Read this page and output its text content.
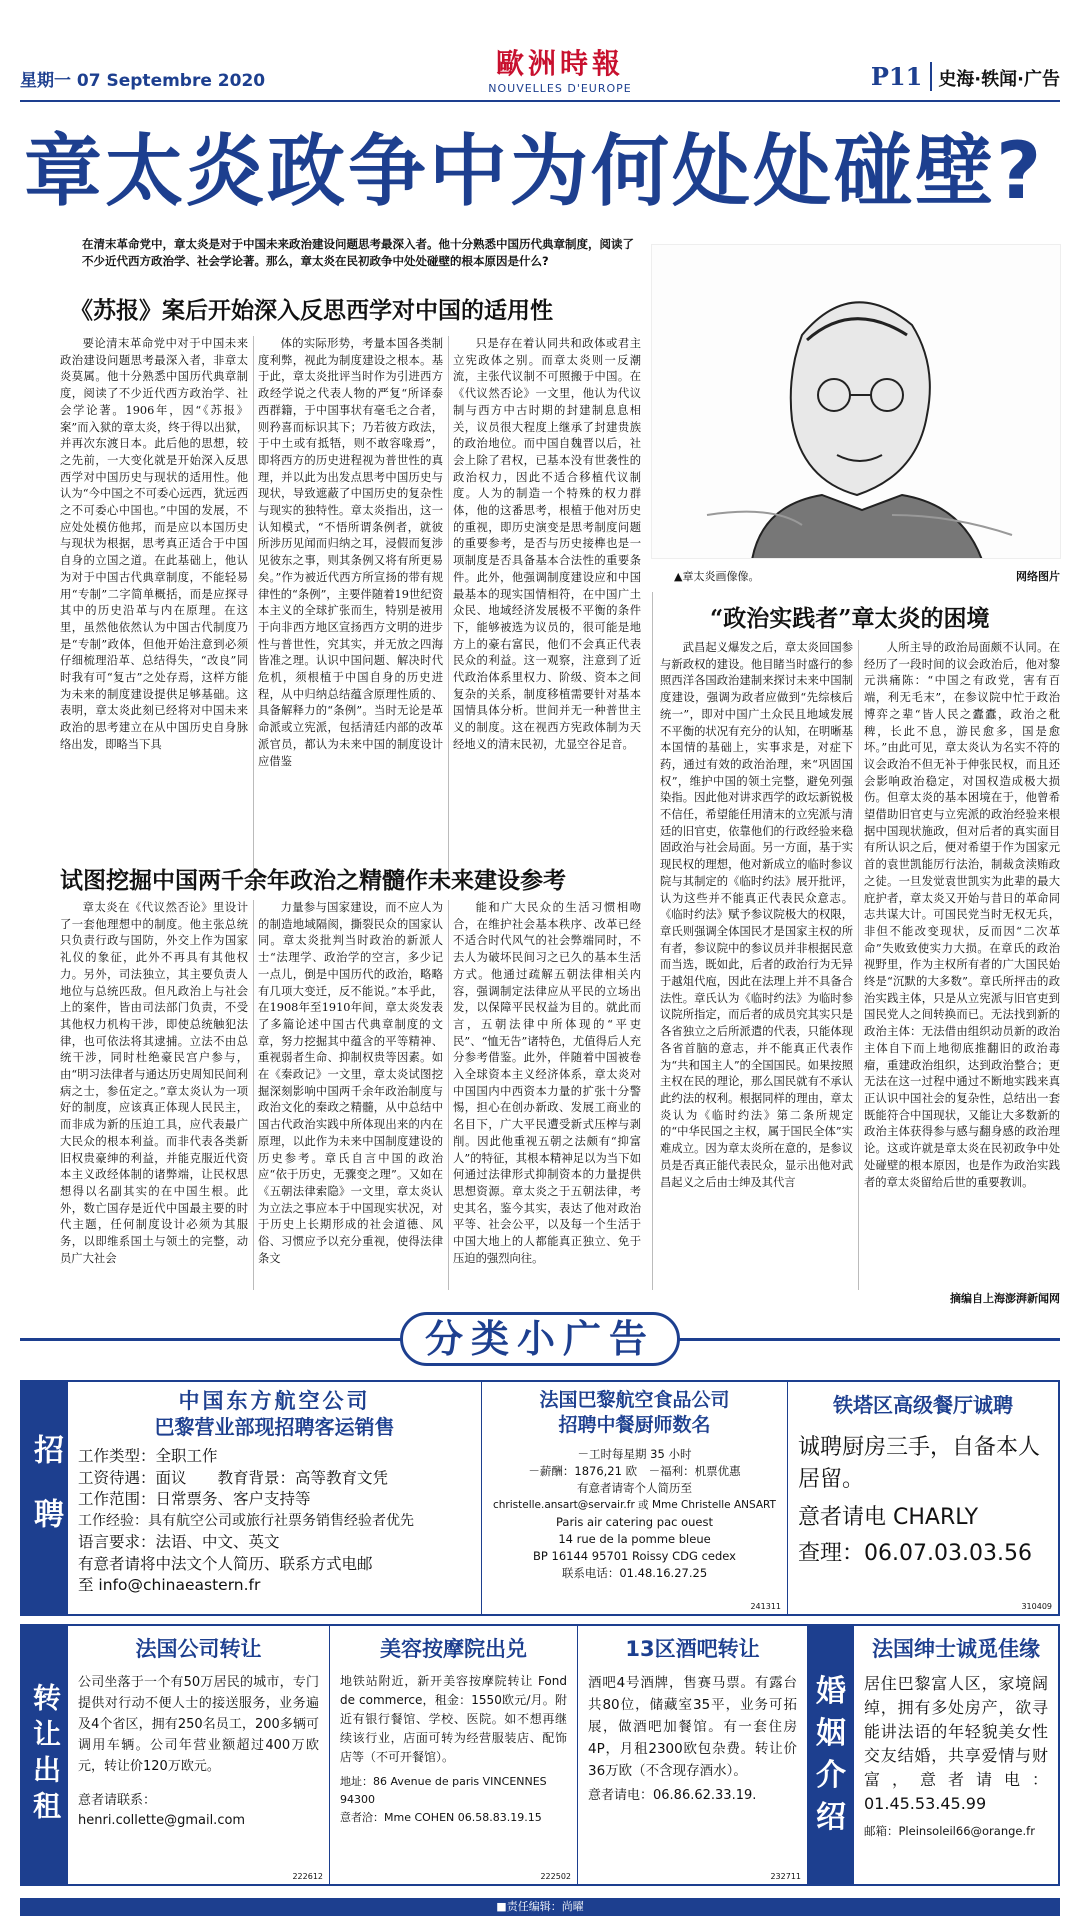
星期一 07 Septembre 2020
歐洲時報
NOUVELLES D'EUROPE	P11 史海·轶闻·广告
章太炎政争中为何处处碰壁?
在清末革命党中，章太炎是对于中国未来政治建设问题思考最深入者。他十分熟悉中国历代典章制度，阅读了不少近代西方政治学、社会学论著。那么，章太炎在民初政争中处处碰壁的根本原因是什么?
▲章太炎画像像。	网络图片
《苏报》案后开始深入反思西学对中国的适用性

要论清末革命党中对于中国未来政治建设问题思考最深入者，非章太炎莫属。他十分熟悉中国历代典章制度，阅读了不少近代西方政治学、社会学论著。1906年，因“《苏报》案”而入狱的章太炎，终于得以出狱，并再次东渡日本。此后他的思想，较之先前，一大变化就是开始深入反思西学对中国历史与现状的适用性。他认为“今中国之不可委心远西，犹远西之不可委心中国也。”中国的发展，不应处处模仿他邦，而是应以本国历史与现状为根据，思考真正适合于中国自身的立国之道。在此基础上，他认为对于中国古代典章制度，不能轻易用“专制”二字简单概括，而是应探寻其中的历史沿革与内在原理。在这里，虽然他依然认为中国古代制度乃是“专制”政体，但他开始注意到必须仔细梳理沿革、总结得失，“改良”同时我有可“复古”之处存焉，这样方能为未来的制度建设提供足够基础。这表明，章太炎此刻已经将对中国未来政治的思考建立在从中国历史自身脉络出发，即略当下具

体的实际形势，考量本国各类制度利弊，视此为制度建设之根本。基于此，章太炎批评当时作为引进西方政经学说之代表人物的严复“所译泰西群籍，于中国事状有毫毛之合者，则矜喜而标识其下；乃若彼方政法，于中土或有抵牾，则不敢容喙焉”，即将西方的历史进程视为普世性的真理，并以此为出发点思考中国历史与现状，导致遮蔽了中国历史的复杂性与现实的独特性。章太炎指出，这一认知模式，“不悟所谓条例者，就彼所涉历见闻而归纳之耳，浸假而复涉见彼东之事，则其条例又将有所更易矣。”作为被近代西方所宣扬的带有规律性的“条例”，主要伴随着19世纪资本主义的全球扩张而生，特别是被用于向非西方地区宣扬西方文明的进步性与普世性，究其实，并无放之四海皆准之理。认识中国问题、解决时代危机，须根植于中国自身的历史进程，从中归纳总结蕴含原理性质的、具备解释力的“条例”。当时无论是革命派或立宪派，包括清廷内部的改革派官员，都认为未来中国的制度设计应借鉴

只是存在着认同共和政体或君主立宪政体之别。而章太炎则一反潮流，主张代议制不可照搬于中国。在《代议然否论》一文里，他认为代议制与西方中古时期的封建制息息相关，议员很大程度上继承了封建贵族的政治地位。而中国自魏晋以后，社会上除了君权，已基本没有世袭性的政治权力，因此不适合移植代议制度。人为的制造一个特殊的权力群体，他的这番思考，根植于他对历史的重视，即历史演变是思考制度问题的重要参考，是否与历史接榫也是一项制度是否具备基本合法性的重要条件。此外，他强调制度建设应和中国最基本的现实国情相符，在中国广土众民、地域经济发展极不平衡的条件下，能够被选为议员的，很可能是地方上的豪右富民，他们不会真正代表民众的利益。这一观察，注意到了近代政治体系里权力、阶级、资本之间复杂的关系，制度移植需要针对基本国情具体分析。世间并无一种普世主义的制度。这在视西方宪政体制为天经地义的清末民初，尤显空谷足音。

试图挖掘中国两千余年政治之精髓作未来建设参考

章太炎在《代议然否论》里设计了一套他理想中的制度。他主张总统只负责行政与国防，外交上作为国家礼仪的象征，此外不再具有其他权力。另外，司法独立，其主要负责人地位与总统匹敌。但凡政治上与社会上的案件，皆由司法部门负责，不受其他权力机构干涉，即使总统触犯法律，也可依法将其逮捕。立法不由总统干涉，同时杜绝豪民宫户参与，由“明习法律者与通达历史周知民间利病之士，参伍定之。”章太炎认为一项好的制度，应该真正体现人民民主，而非成为新的压迫工具，应代表最广大民众的根本利益。而非代表各类新旧权贵豪绅的利益，并能克服近代资本主义政经体制的诸弊端，让民权思想得以名副其实的在中国生根。此外，数亡国存是近代中国最主要的时代主题，任何制度设计必须为其服务，以即维系国土与领土的完整，动员广大社会

力量参与国家建设，而不应人为的制造地域隔阂，撕裂民众的国家认同。章太炎批判当时政治的新派人士“法理学、政治学的空言，多少记一点儿，倒是中国历代的政治，略略有几项大变迁，反不能说。”本乎此，在1908年至1910年间，章太炎发表了多篇论述中国古代典章制度的文章，努力挖掘其中蕴含的平等精神、重视弱者生命、抑制权贵等因素。如在《秦政记》一文里，章太炎试图挖掘深刻影响中国两千余年政治制度与政治文化的秦政之精髓，从中总结中国古代政治实践中所体现出来的内在原理，以此作为未来中国制度建设的历史参考。章氏自言中国的政治应“依于历史，无骤变之理”。又如在《五朝法律索隐》一文里，章太炎认为立法之事应本于中国现实状况，对于历史上长期形成的社会道德、风俗、习惯应予以充分重视，使得法律条文

能和广大民众的生活习惯相吻合，在维护社会基本秩序、改革已经不适合时代风气的社会弊端同时，不去人为破坏民间习之已久的基本生活方式。他通过疏解五朝法律相关内容，强调制定法律应从平民的立场出发，以保障平民权益为目的。就此而言，五朝法律中所体现的“平吏民”、“恤无告”诸特色，尤值得后人充分参考借鉴。此外，伴随着中国被卷入全球资本主义经济体系，章太炎对中国国内中西资本力量的扩张十分警惕，担心在创办新政、发展工商业的名目下，广大平民遭受新式压榨与剥削。因此他重视五朝之法颇有“抑富人”的特征，其根本精神足以为当下如何通过法律形式抑制资本的力量提供思想资源。章太炎之于五朝法律，考史其名，鉴今其实，表达了他对政治平等、社会公平，以及每一个生活于中国大地上的人都能真正独立、免于压迫的强烈向往。

“政治实践者”章太炎的困境

武昌起义爆发之后，章太炎回国参与新政权的建设。他目睹当时盛行的参照西洋各国政治建制来探讨未来中国制度建设，强调为政者应做到“先综核后统一”，即对中国广土众民且地域发展不平衡的状况有充分的认知，在明晰基本国情的基础上，实事求是，对症下药，通过有效的政治治理，来“巩固国权”，维护中国的领土完整，避免列强染指。因此他对讲求西学的政坛新锐极不信任，希望能任用清末的立宪派与清廷的旧官吏，依靠他们的行政经验来稳固政治与社会局面。另一方面，基于实现民权的理想，他对新成立的临时参议院与其制定的《临时约法》展开批评，认为这些并不能真正代表民众意志。《临时约法》赋予参议院极大的权限，章氏则强调全体国民才是国家主权的所有者，参议院中的参议员并非根据民意而当选，既如此，后者的政治行为无异于越俎代庖，因此在法理上并不具备合法性。章氏认为《临时约法》为临时参议院所指定，而后者的成员究其实只是各省独立之后所派遣的代表，只能体现各省首脑的意志，并不能真正代表作为“共和国主人”的全国国民。如果按照主权在民的理论，那么国民就有不承认此约法的权利。根据同样的理由，章太炎认为《临时约法》第二条所规定的“中华民国之主权，属于国民全体”实难成立。因为章太炎所在意的，是参议员是否真正能代表民众，显示出他对武昌起义之后由士绅及其代言

人所主导的政治局面颇不认同。在经历了一段时间的议会政治后，他对黎元洪痛陈：“中国之有政党，害有百端，利无毛末”，在参议院中忙于政治博弈之辈“皆人民之蠹蠹，政治之秕稗，长此不息，游民愈多，国是愈坏。”由此可见，章太炎认为名实不符的议会政治不但无补于伸张民权，而且还会影响政治稳定，对国权造成极大损伤。但章太炎的基本困境在于，他曾希望借助旧官吏与立宪派的政治经验来根据中国现状施政，但对后者的真实面目有所认识之后，便对希望于作为国家元首的袁世凯能厉行法治，制裁贪渎贿政之徒。一旦发觉袁世凯实为此辈的最大庇护者，章太炎又开始与昔日的革命同志共谋大计。可国民党当时无权无兵，非但不能改变现状，反而因“二次革命”失败致使实力大损。在章氏的政治视野里，作为主权所有者的广大国民始终是“沉默的大多数”。章氏所抨击的政治实践主体，只是从立宪派与旧官吏到国民党人之间转换而已。无法找到新的政治主体：无法借由组织动员新的政治主体自下而上地彻底推翻旧的政治毒瘤，重建政治组织，达到政治整合；更无法在这一过程中通过不断地实践来真正认识中国社会的复杂性，总结出一套既能符合中国现状，又能让大多数新的政治主体获得参与感与翻身感的政治理论。这或许就是章太炎在民初政争中处处碰壁的根本原因，也是作为政治实践者的章太炎留给后世的重要教训。

摘编自上海澎湃新闻网
分类小广告
招聘
中国东方航空公司
巴黎营业部现招聘客运销售
工作类型：全职工作
工资待遇：面议　　教育背景：高等教育文凭
工作范围：日常票务、客户支持等
工作经验：具有航空公司或旅行社票务销售经验者优先
语言要求：法语、中文、英文
有意者请将中法文个人简历、联系方式电邮
至 info@chinaeastern.fr
法国巴黎航空食品公司
招聘中餐厨师数名
－工时每星期 35 小时
－薪酬：1876,21 欧　－福利：机票优惠
有意者请寄个人简历至
christelle.ansart@servair.fr 或 Mme Christelle ANSART
Paris air catering pac ouest
14 rue de la pomme bleue
BP 16144 95701 Roissy CDG cedex
联系电话：01.48.16.27.25
241311
铁塔区高级餐厅诚聘
诚聘厨房三手，自备本人居留。
意者请电 CHARLY
查理：06.07.03.03.56
310409
转让出租
法国公司转让
公司坐落于一个有50万居民的城市，专门提供对行动不便人士的接送服务，业务遍及4个省区，拥有250名员工，200多辆可调用车辆。公司年营业额超过400万欧元，转让价120万欧元。
意者请联系：henri.collette@gmail.com
222612
美容按摩院出兑
地铁站附近，新开美容按摩院转让 Fond de commerce，租金：1550欧元/月。附近有银行餐馆、学校、医院。如不想再继续该行业，店面可转为经营服装店、配饰店等（不可开餐馆）。
地址：86 Avenue de paris VINCENNES 94300
意者洽：Mme COHEN 06.58.83.19.15
222502
13区酒吧转让
酒吧4号酒牌，售赛马票。有露台共80位，储藏室35平，业务可拓展，做酒吧加餐馆。有一套住房4P，月租2300欧包杂费。转让价36万欧（不含现存酒水）。
意者请电：06.86.62.33.19.
232711
婚姻介绍
法国绅士诚觅佳缘
居住巴黎富人区，家境阔绰，拥有多处房产，欲寻能讲法语的年轻貌美女性交友结婚，共享爱情与财富，意者请电：01.45.53.45.99
邮箱：Pleinsoleil66@orange.fr
■责任编辑：尚曜
